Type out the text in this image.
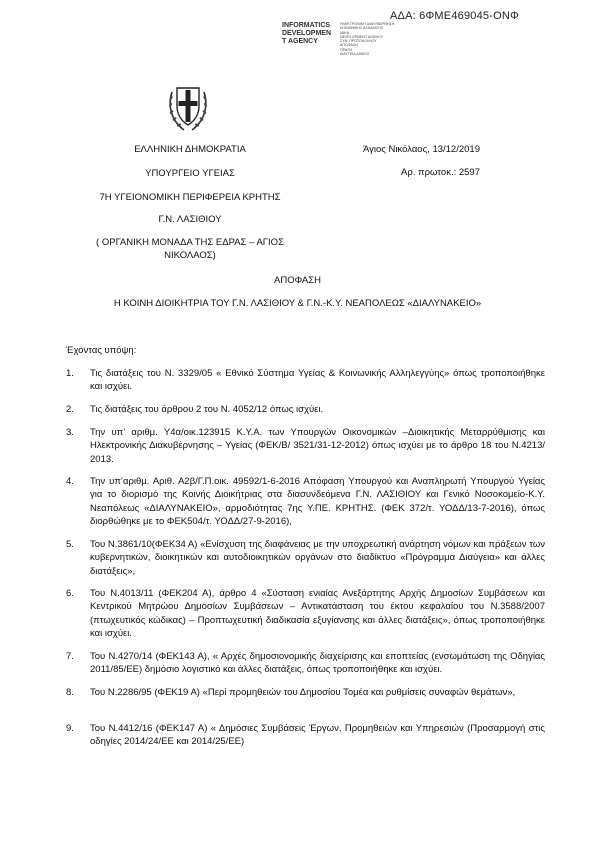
ΑΔΑ: 6ΦΜΕ469045-ΟΝΦ
INFORMATICS
DEVELOPMEN
T AGENCY
ΗΛΕΚΤΡΟΝΙΚΗ ΔΙΑΚΥΒΕΡΝΗΣΗ
ΚΟΙΝΩΝΙΚΗΣ ΑΣΦΑΛΙΣΗΣ
ΙΔΙΚΑ
DEVELOPMENT AGENCY
ΣΥΝ. ΠΡΩΤΟΚΟΛΛΟΥ
ΑΠΟΦΑΣΗ
ΠΡΑΞΗ
ΔΙΑΥΓΕΙΑ ΔΗΜΟΣ
ΕΛΛΗΝΙΚΗ ΔΗΜΟΚΡΑΤΙΑ
ΥΠΟΥΡΓΕΙΟ ΥΓΕΙΑΣ
7Η ΥΓΕΙΟΝΟΜΙΚΗ ΠΕΡΙΦΕΡΕΙΑ ΚΡΗΤΗΣ
Γ.Ν. ΛΑΣΙΘΙΟΥ
( ΟΡΓΑΝΙΚΗ ΜΟΝΑΔΑ ΤΗΣ ΕΔΡΑΣ – ΑΓΙΟΣ
ΝΙΚΟΛΑΟΣ)
Άγιος Νικόλαος, 13/12/2019
Αρ. πρωτοκ.: 2597
ΑΠΟΦΑΣΗ
Η ΚΟΙΝΗ ΔΙΟΙΚΗΤΡΙΑ ΤΟΥ Γ.Ν. ΛΑΣΙΘΙΟΥ & Γ.Ν.-Κ.Υ. ΝΕΑΠΟΛΕΩΣ «ΔΙΑΛΥΝΑΚΕΙΟ»
Έχοντας υπόψη:
1.	Τις διατάξεις του Ν. 3329/05 « Εθνικό Σύστημα Υγείας & Κοινωνικής Αλληλεγγύης» όπως τροποποιήθηκε και ισχύει.
2.	Τις διατάξεις του άρθρου 2 του Ν. 4052/12 όπως ισχύει.
3.	Την υπ’ αριθμ. Υ4α/οικ.123915 Κ.Υ.Α. των Υπουργών Οικονομικών –Διοικητικής Μεταρρύθμισης και Ηλεκτρονικής Διακυβέρνησης – Υγείας (ΦΕΚ/Β/ 3521/31-12-2012) όπως ισχύει με το άρθρο 18 του Ν.4213/ 2013.
4.	Την υπ’αριθμ. Αριθ. Α2β/Γ.Π.οικ. 49592/1-6-2016 Απόφαση Υπουργού και Αναπληρωτή Υπουργού Υγείας για το διορισμό της Κοινής Διοικήτριας στα διασυνδεόμενα Γ.Ν. ΛΑΣΙΘΙΟΥ και Γενικό Νοσοκομείο-Κ.Υ. Νεαπόλεως «ΔΙΑΛΥΝΑΚΕΙΟ», αρμοδιότητας 7ης Υ.ΠΕ. ΚΡΗΤΗΣ. (ΦΕΚ 372/τ. ΥΟΔΔ/13-7-2016), όπως διορθώθηκε με το ΦΕΚ504/τ. ΥΟΔΔ/27-9-2016),
5.	Του Ν.3861/10(ΦΕΚ34 Α) «Ενίσχυση της διαφάνειας με την υποχρεωτική ανάρτηση νόμων και πράξεων των κυβερνητικών, διοικητικών και αυτοδιοικητικών οργάνων στο διαδίκτυο «Πρόγραμμα Διαύγεια» και άλλες διατάξεις»,
6.	Του Ν.4013/11 (ΦΕΚ204 Α), άρθρο 4 «Σύσταση ενιαίας Ανεξάρτητης Αρχής Δημοσίων Συμβάσεων και Κεντρικού Μητρώου Δημοσίων Συμβάσεων – Αντικατάσταση του έκτου κεφαλαίου του Ν.3588/2007 (πτωχευτικός κώδικας) – Προπτωχευτική διαδικασία εξυγίανσης και άλλες διατάξεις», όπως τροποποιήθηκε και ισχύει.
7.	Του Ν.4270/14 (ΦΕΚ143 Α), « Αρχές δημοσιονομικής διαχείρισης και εποπτείας (ενσωμάτωση της Οδηγίας 2011/85/ΕΕ) δημόσιο λογιστικό και άλλες διατάξεις, όπως τροποποιήθηκε και ισχύει.
8.	Του Ν.2286/95 (ΦΕΚ19 Α) «Περί προμηθειών του Δημοσίου Τομέα και ρυθμίσεις συναφών θεμάτων»,
9.	Του Ν.4412/16 (ΦΕΚ147 Α) « Δημόσιες Συμβάσεις Έργων, Προμηθειών και Υπηρεσιών (Προσαρμογή στις οδηγίες 2014/24/ΕΕ και 2014/25/ΕΕ)
